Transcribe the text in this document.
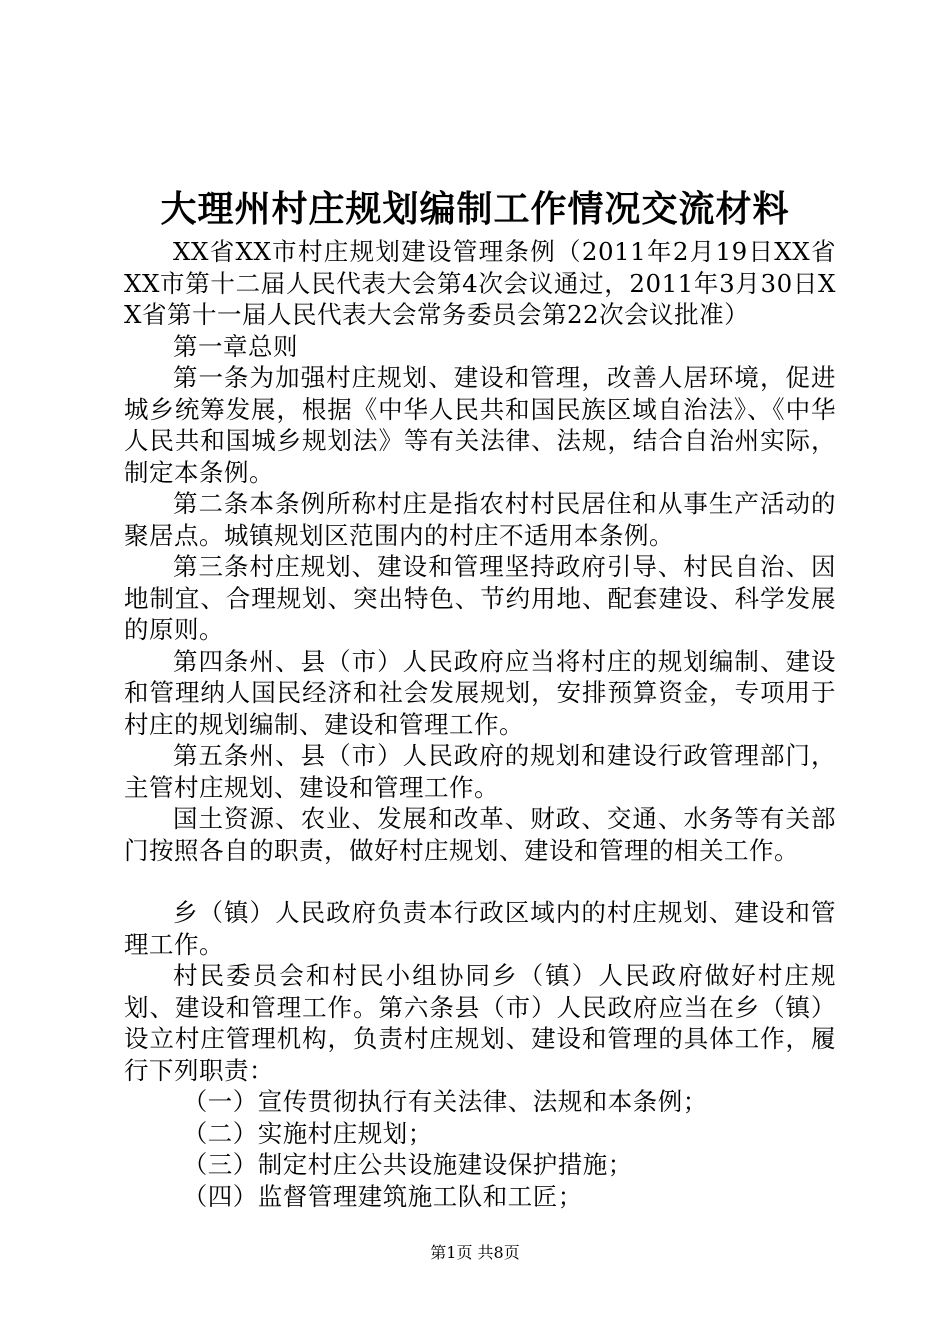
大理州村庄规划编制工作情况交流材料

XX省XX市村庄规划建设管理条例（2011年2月19日XX省XX市第十二届人民代表大会第4次会议通过，2011年3月30日XX省第十一届人民代表大会常务委员会第22次会议批准）

第一章总则

第一条为加强村庄规划、建设和管理，改善人居环境，促进城乡统筹发展，根据《中华人民共和国民族区域自治法》、《中华人民共和国城乡规划法》等有关法律、法规，结合自治州实际，制定本条例。

第二条本条例所称村庄是指农村村民居住和从事生产活动的聚居点。城镇规划区范围内的村庄不适用本条例。

第三条村庄规划、建设和管理坚持政府引导、村民自治、因地制宜、合理规划、突出特色、节约用地、配套建设、科学发展的原则。

第四条州、县（市）人民政府应当将村庄的规划编制、建设和管理纳人国民经济和社会发展规划，安排预算资金，专项用于村庄的规划编制、建设和管理工作。

第五条州、县（市）人民政府的规划和建设行政管理部门，主管村庄规划、建设和管理工作。

国土资源、农业、发展和改革、财政、交通、水务等有关部门按照各自的职责，做好村庄规划、建设和管理的相关工作。

乡（镇）人民政府负责本行政区域内的村庄规划、建设和管理工作。

村民委员会和村民小组协同乡（镇）人民政府做好村庄规划、建设和管理工作。第六条县（市）人民政府应当在乡（镇）设立村庄管理机构，负责村庄规划、建设和管理的具体工作，履行下列职责：

（一）宣传贯彻执行有关法律、法规和本条例；

（二）实施村庄规划；

（三）制定村庄公共设施建设保护措施；

（四）监督管理建筑施工队和工匠；

第1页 共8页
